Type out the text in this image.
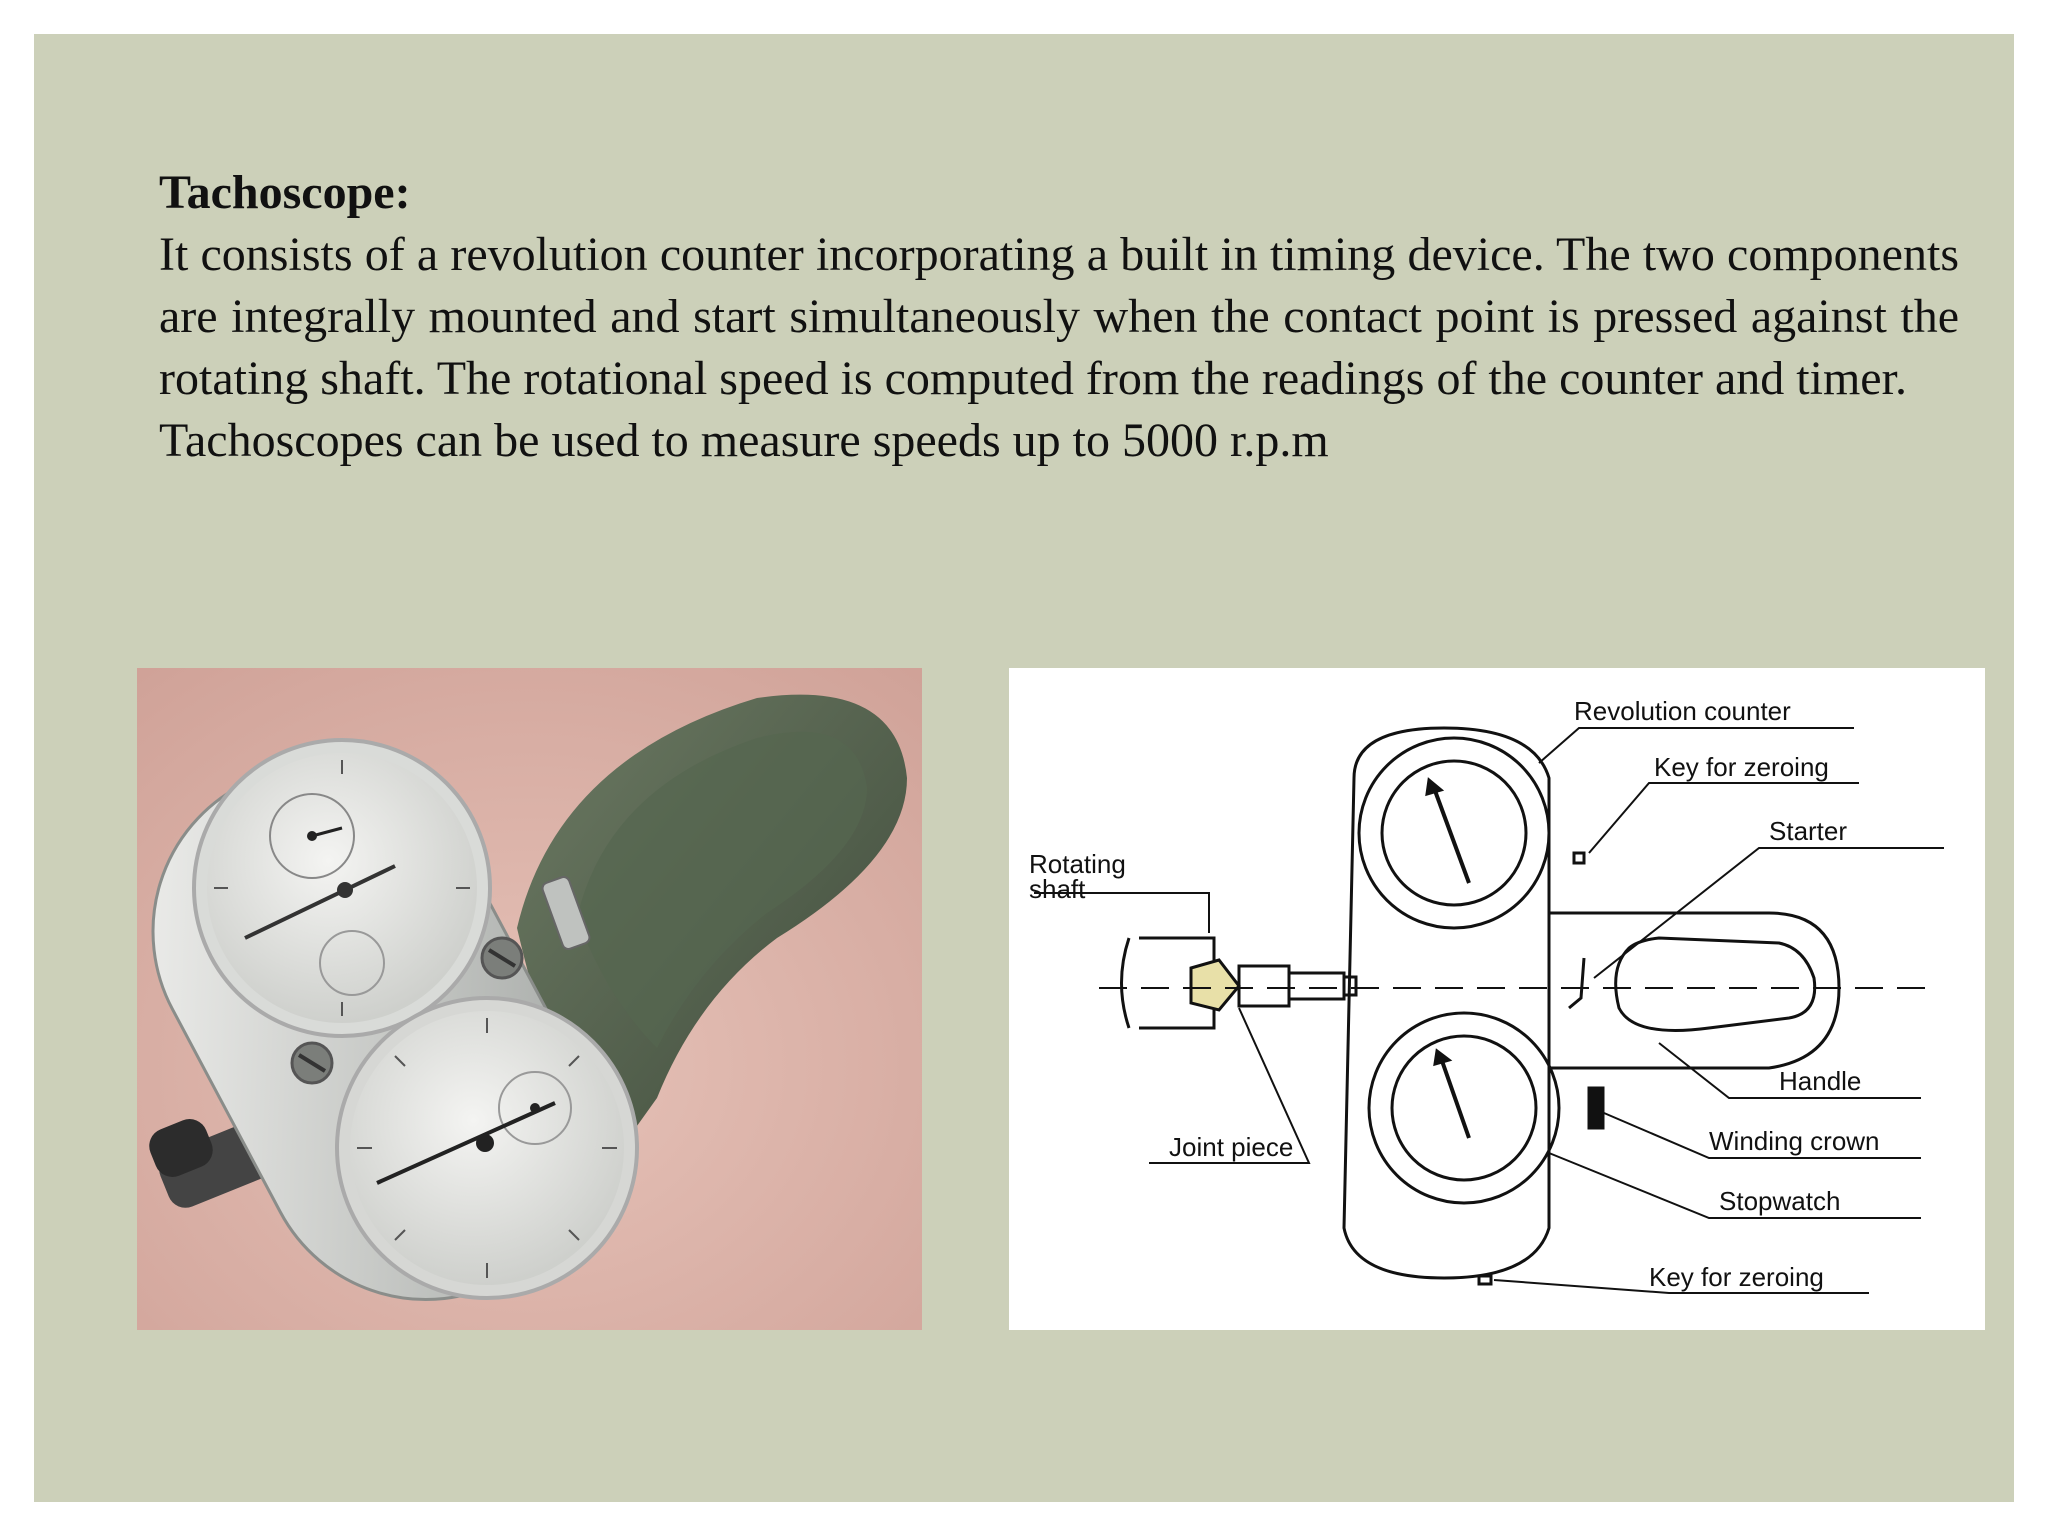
Tachoscope:

It consists of a revolution counter incorporating a built in timing device. The two components are integrally mounted and start simultaneously when the contact point is pressed against the rotating shaft. The rotational speed is computed from the readings of the counter and timer.

Tachoscopes can be used to measure speeds up to 5000 r.p.m

Revolution counter
Key for zeroing
Starter
Rotating
shaft
Joint piece
Handle
Winding crown
Stopwatch
Key for zeroing
